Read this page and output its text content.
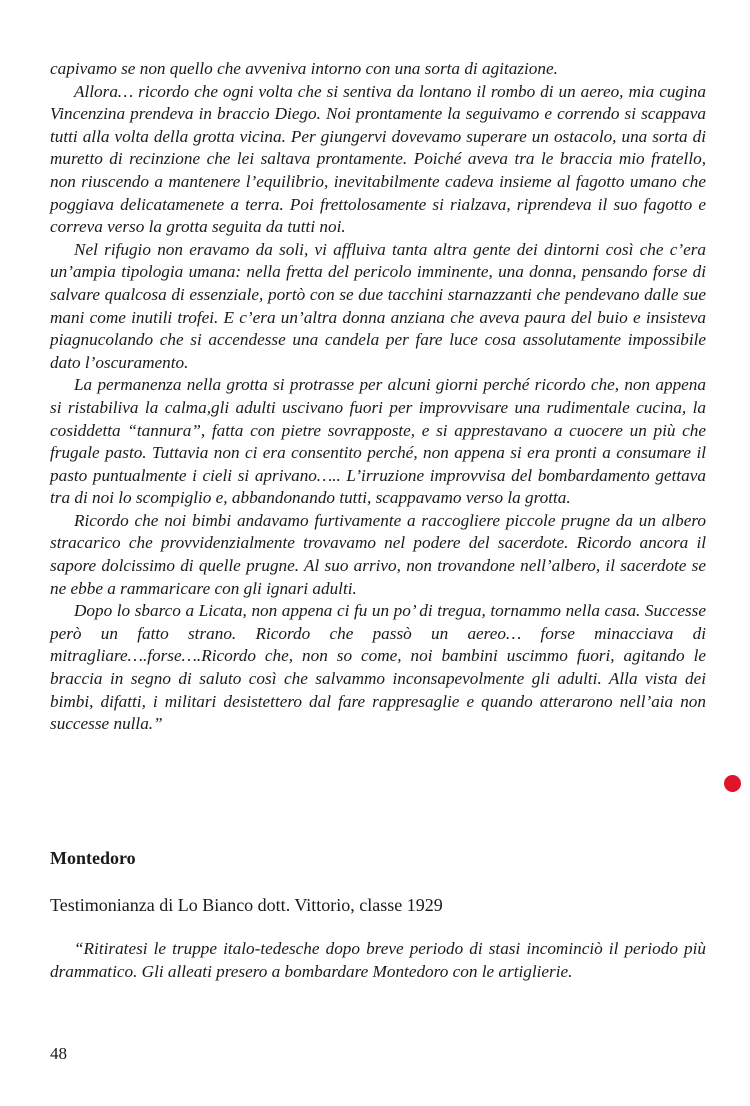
capivamo se non quello che avveniva intorno con una sorta di agitazione.

Allora… ricordo che ogni volta che si sentiva da lontano il rombo di un aereo, mia cugina Vincenzina prendeva in braccio Diego. Noi prontamente la seguivamo e correndo si scappava tutti alla volta della grotta vicina. Per giungervi dovevamo superare un ostacolo, una sorta di muretto di recinzione che lei saltava prontamente. Poiché aveva tra le braccia mio fratello, non riuscendo a mantenere l’equilibrio, inevitabilmente cadeva insieme al fagotto umano che poggiava delicatamenete a terra. Poi frettolosamente si rialzava, riprendeva il suo fagotto e correva verso la grotta seguita da tutti noi.

Nel rifugio non eravamo da soli, vi affluiva tanta altra gente dei dintorni così che c’era un’ampia tipologia umana: nella fretta del pericolo imminente, una donna, pensando forse di salvare qualcosa di essenziale, portò con se due tacchini starnazzanti che pendevano dalle sue mani come inutili trofei. E c’era un’altra donna anziana che aveva paura del buio e insisteva piagnucolando che si accendesse una candela per fare luce cosa assolutamente impossibile dato l’oscuramento.

La permanenza nella grotta si protrasse per alcuni giorni perché ricordo che, non appena si ristabiliva la calma,gli adulti uscivano fuori per improvvisare una rudimentale cucina, la cosiddetta “tannura”, fatta con pietre sovrapposte, e si apprestavano a cuocere un più che frugale pasto. Tuttavia non ci era consentito perché, non appena si era pronti a consumare il pasto puntualmente i cieli si aprivano….. L’irruzione improvvisa del bombardamento gettava tra di noi lo scompiglio e, abbandonando tutti, scappavamo verso la grotta.

Ricordo che noi bimbi andavamo furtivamente a raccogliere piccole prugne da un albero stracarico che provvidenzialmente trovavamo nel podere del sacerdote. Ricordo ancora il sapore dolcissimo di quelle prugne. Al suo arrivo, non trovandone nell’albero, il sacerdote se ne ebbe a rammaricare con gli ignari adulti.

Dopo lo sbarco a Licata, non appena ci fu un po’ di tregua, tornammo nella casa. Successe però un fatto strano. Ricordo che passò un aereo… forse minacciava di mitragliare….forse….Ricordo che, non so come, noi bambini uscimmo fuori, agitando le braccia in segno di saluto così che salvammo inconsapevolmente gli adulti. Alla vista dei bimbi, difatti, i militari desistettero dal fare rappresaglie e quando atterarono nell’aia non successe nulla.”

Montedoro

Testimonianza di Lo Bianco dott. Vittorio, classe 1929

“Ritiratesi le truppe italo-tedesche dopo breve periodo di stasi incominciò il periodo più drammatico. Gli alleati presero a bombardare Montedoro con le artiglierie.

48
